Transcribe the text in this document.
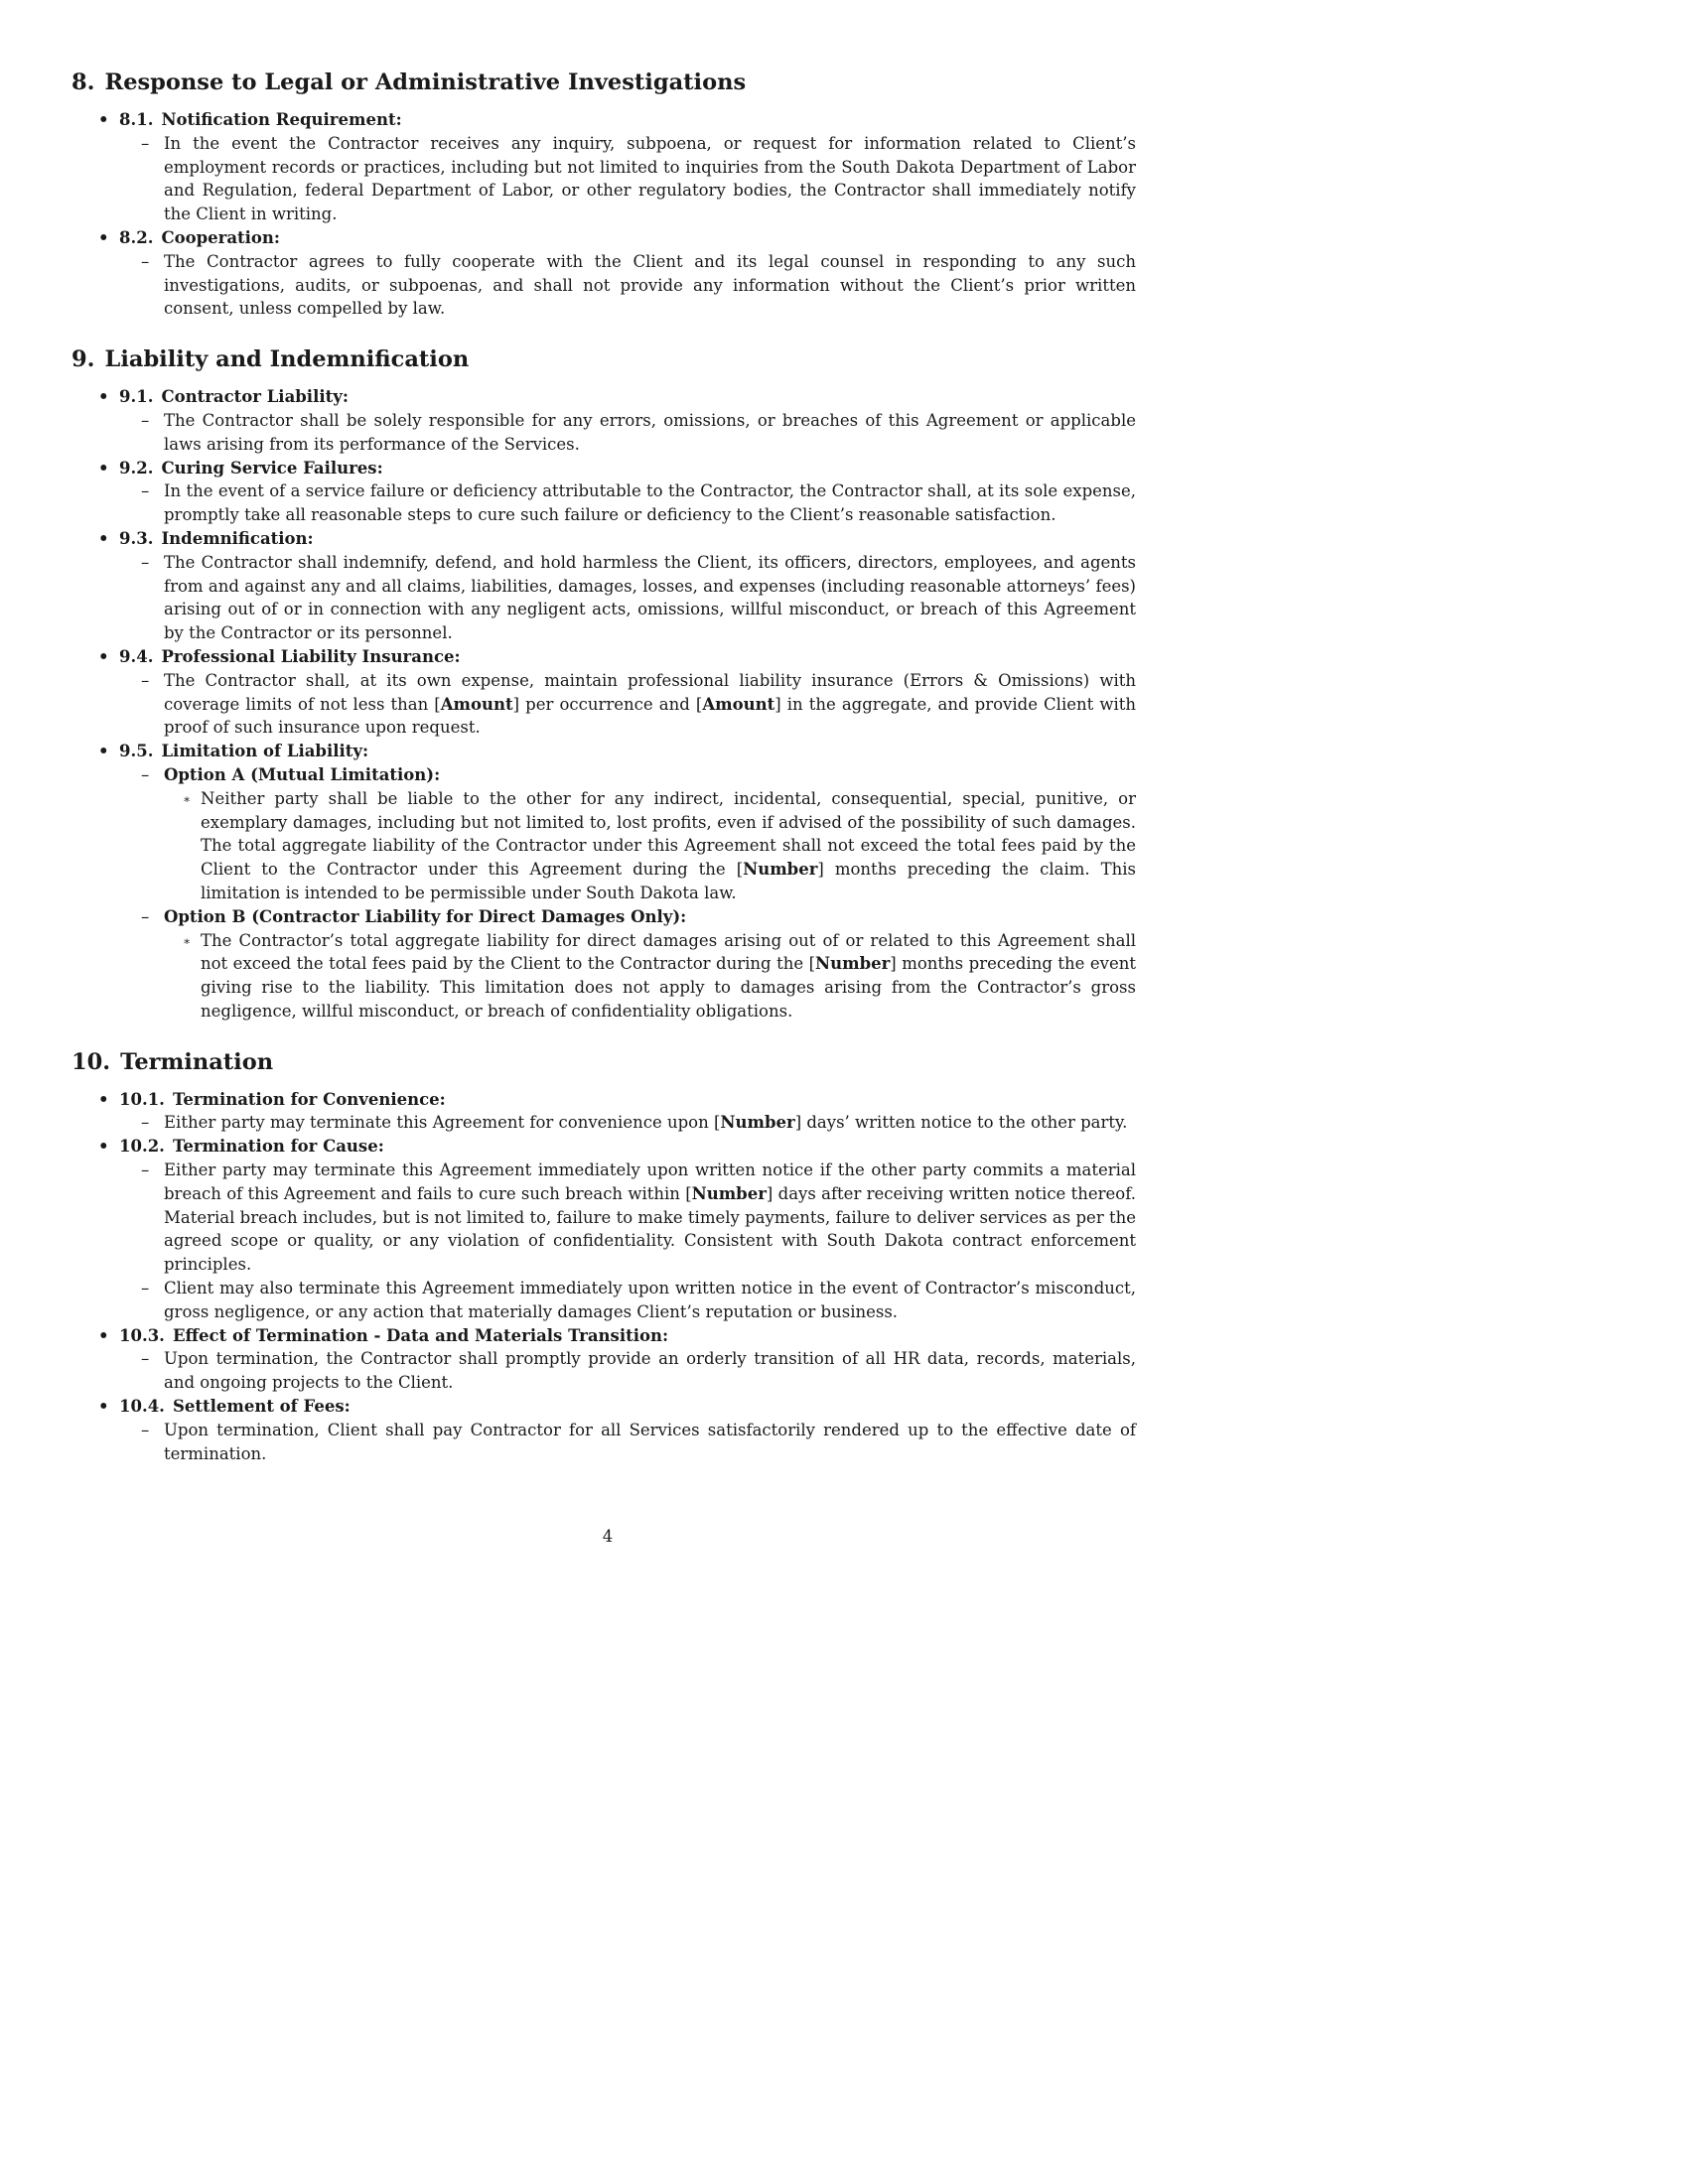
8. Response to Legal or Administrative Investigations
• 8.1. Notification Requirement:
– In the event the Contractor receives any inquiry, subpoena, or request for information related to Client’s employment records or practices, including but not limited to inquiries from the South Dakota Department of Labor and Regulation, federal Department of Labor, or other regulatory bodies, the Contractor shall immediately notify the Client in writing.
• 8.2. Cooperation:
– The Contractor agrees to fully cooperate with the Client and its legal counsel in responding to any such investigations, audits, or subpoenas, and shall not provide any information without the Client’s prior written consent, unless compelled by law.
9. Liability and Indemnification
• 9.1. Contractor Liability:
– The Contractor shall be solely responsible for any errors, omissions, or breaches of this Agreement or applicable laws arising from its performance of the Services.
• 9.2. Curing Service Failures:
– In the event of a service failure or deficiency attributable to the Contractor, the Contractor shall, at its sole expense, promptly take all reasonable steps to cure such failure or deficiency to the Client’s reasonable satisfaction.
• 9.3. Indemnification:
– The Contractor shall indemnify, defend, and hold harmless the Client, its officers, directors, employees, and agents from and against any and all claims, liabilities, damages, losses, and expenses (including reasonable attorneys’ fees) arising out of or in connection with any negligent acts, omissions, willful misconduct, or breach of this Agreement by the Contractor or its personnel.
• 9.4. Professional Liability Insurance:
– The Contractor shall, at its own expense, maintain professional liability insurance (Errors & Omissions) with coverage limits of not less than [Amount] per occurrence and [Amount] in the aggregate, and provide Client with proof of such insurance upon request.
• 9.5. Limitation of Liability:
– Option A (Mutual Limitation):
∗ Neither party shall be liable to the other for any indirect, incidental, consequential, special, punitive, or exemplary damages, including but not limited to, lost profits, even if advised of the possibility of such damages. The total aggregate liability of the Contractor under this Agreement shall not exceed the total fees paid by the Client to the Contractor under this Agreement during the [Number] months preceding the claim. This limitation is intended to be permissible under South Dakota law.
– Option B (Contractor Liability for Direct Damages Only):
∗ The Contractor’s total aggregate liability for direct damages arising out of or related to this Agreement shall not exceed the total fees paid by the Client to the Contractor during the [Number] months preceding the event giving rise to the liability. This limitation does not apply to damages arising from the Contractor’s gross negligence, willful misconduct, or breach of confidentiality obligations.
10. Termination
• 10.1. Termination for Convenience:
– Either party may terminate this Agreement for convenience upon [Number] days’ written notice to the other party.
• 10.2. Termination for Cause:
– Either party may terminate this Agreement immediately upon written notice if the other party commits a material breach of this Agreement and fails to cure such breach within [Number] days after receiving written notice thereof. Material breach includes, but is not limited to, failure to make timely payments, failure to deliver services as per the agreed scope or quality, or any violation of confidentiality. Consistent with South Dakota contract enforcement principles.
– Client may also terminate this Agreement immediately upon written notice in the event of Contractor’s misconduct, gross negligence, or any action that materially damages Client’s reputation or business.
• 10.3. Effect of Termination - Data and Materials Transition:
– Upon termination, the Contractor shall promptly provide an orderly transition of all HR data, records, materials, and ongoing projects to the Client.
• 10.4. Settlement of Fees:
– Upon termination, Client shall pay Contractor for all Services satisfactorily rendered up to the effective date of termination.
4
